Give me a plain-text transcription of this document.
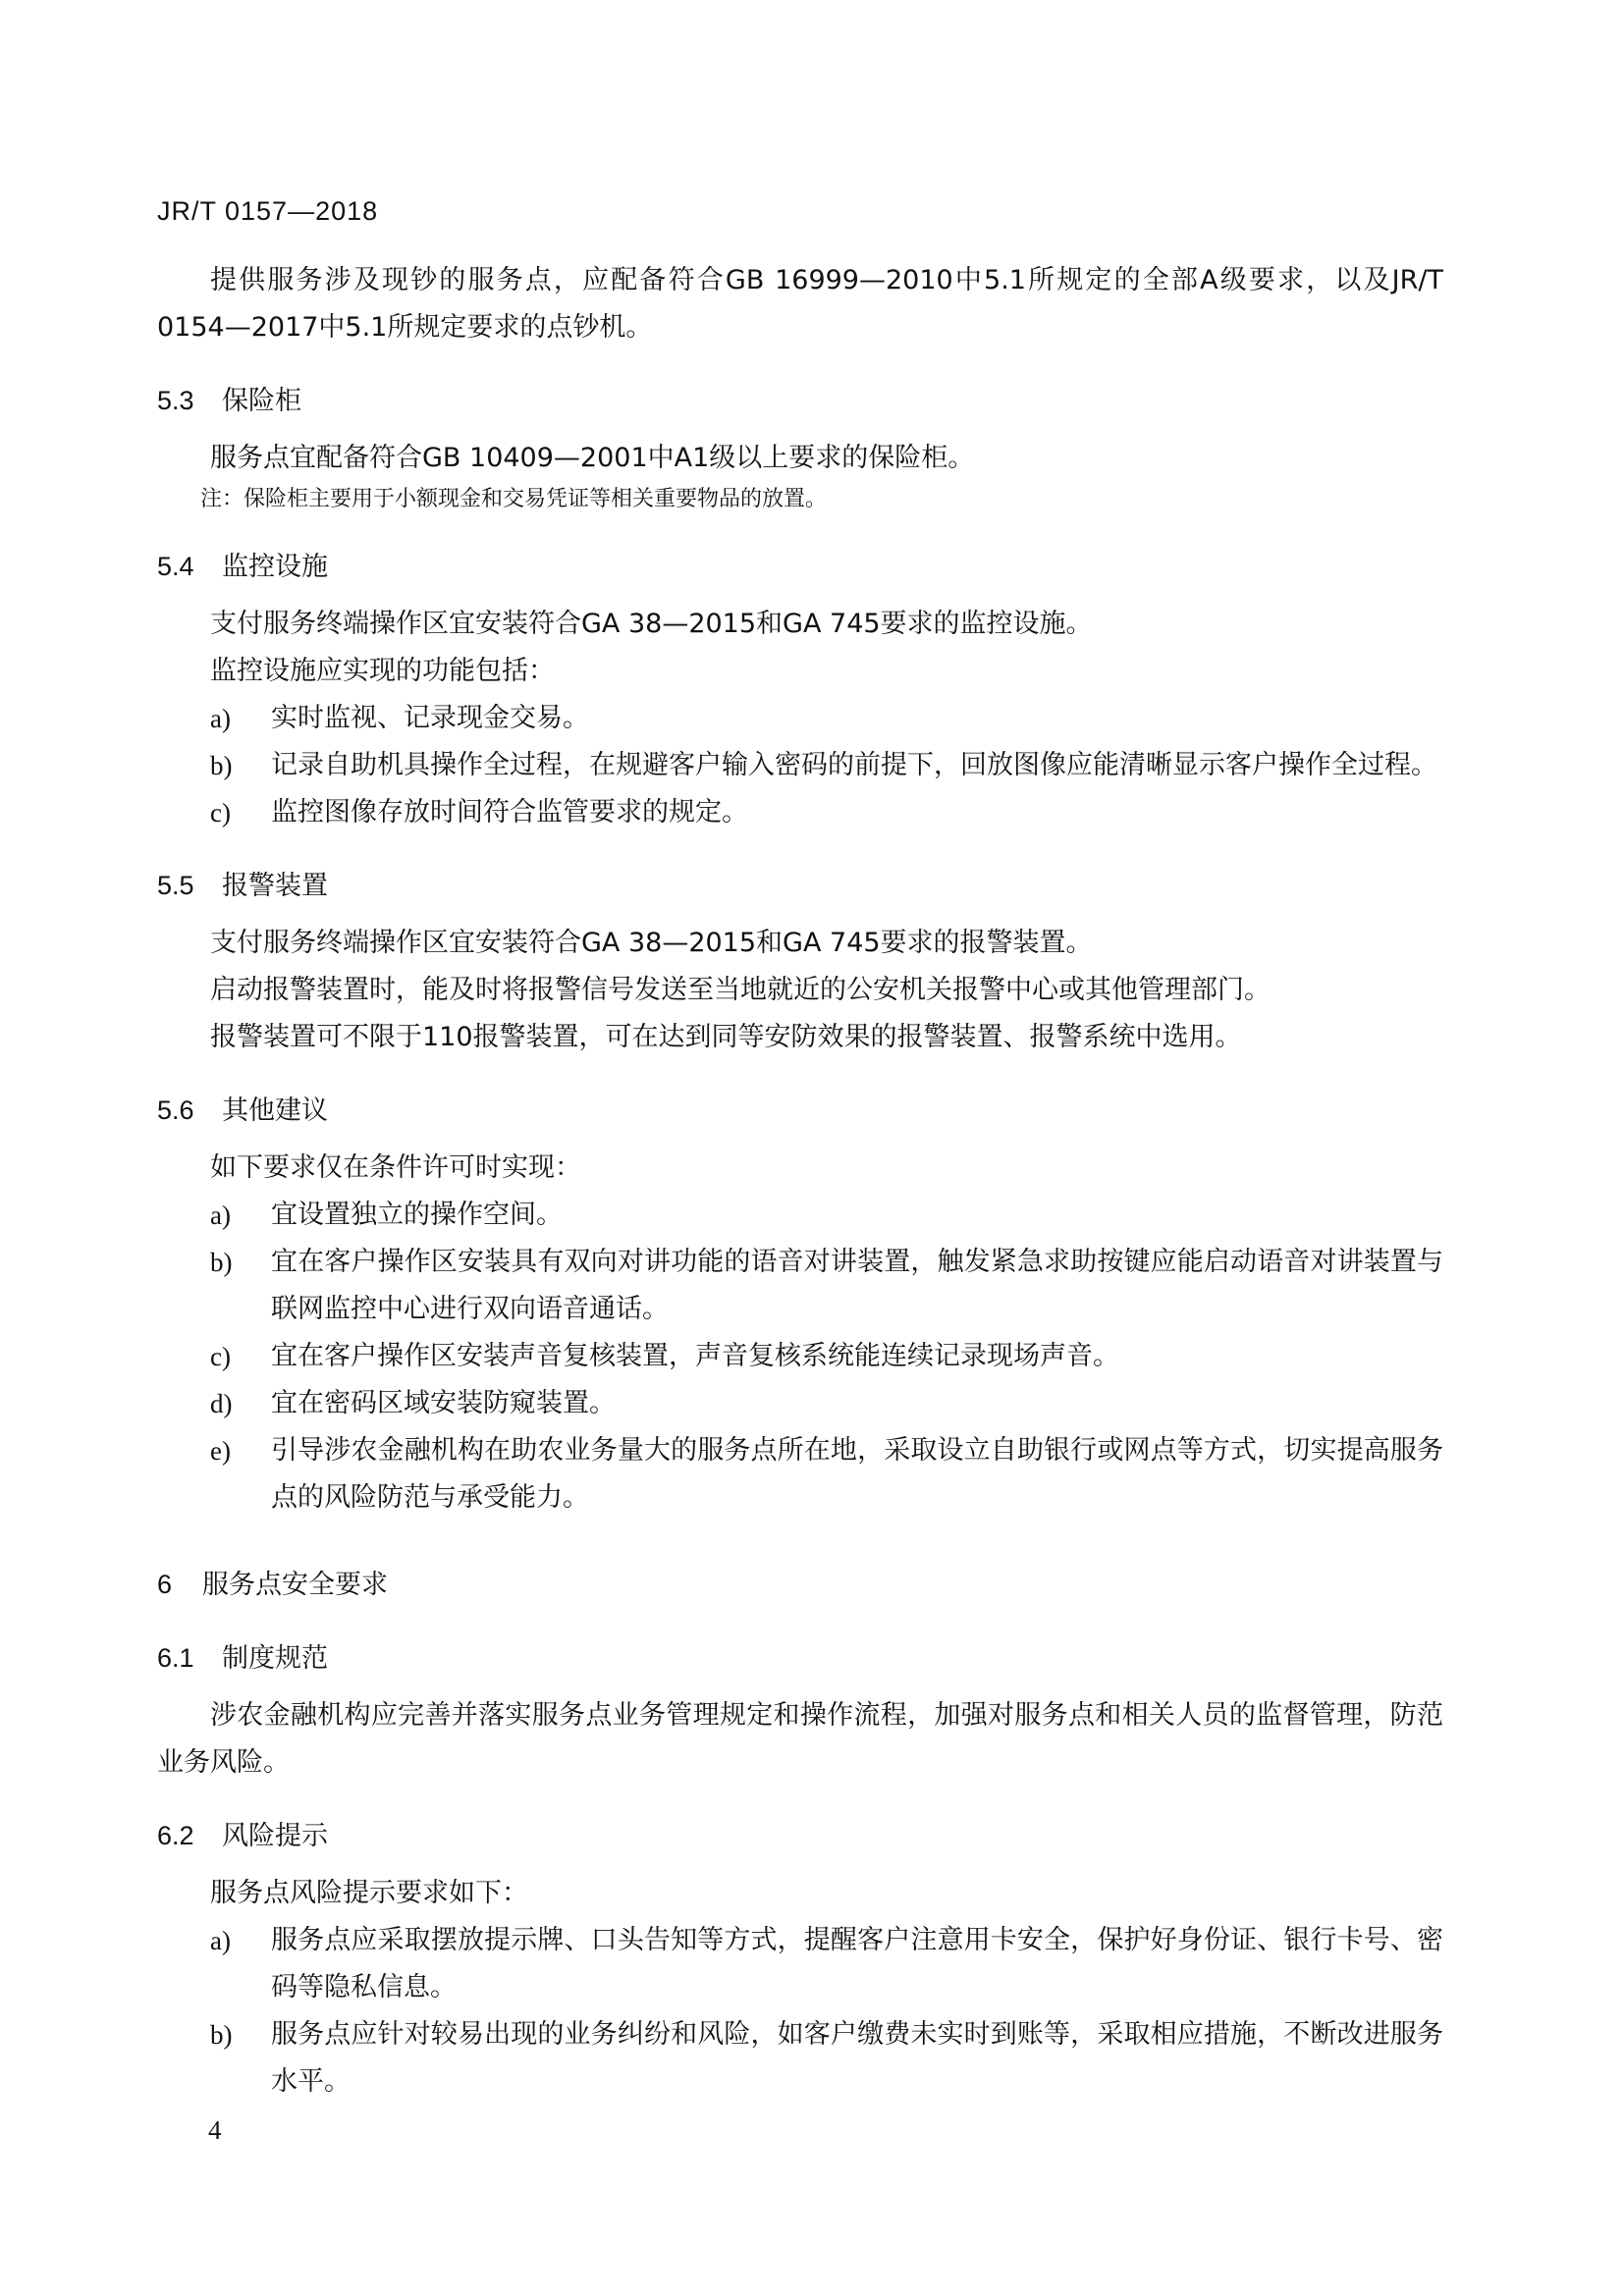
JR/T 0157—2018

提供服务涉及现钞的服务点，应配备符合GB 16999—2010中5.1所规定的全部A级要求，以及JR/T 0154—2017中5.1所规定要求的点钞机。

5.3 保险柜

服务点宜配备符合GB 10409—2001中A1级以上要求的保险柜。

注：保险柜主要用于小额现金和交易凭证等相关重要物品的放置。
5.4 监控设施

支付服务终端操作区宜安装符合GA 38—2015和GA 745要求的监控设施。

监控设施应实现的功能包括：

a) 实时监视、记录现金交易。
b) 记录自助机具操作全过程，在规避客户输入密码的前提下，回放图像应能清晰显示客户操作全过程。
c) 监控图像存放时间符合监管要求的规定。
5.5 报警装置

支付服务终端操作区宜安装符合GA 38—2015和GA 745要求的报警装置。

启动报警装置时，能及时将报警信号发送至当地就近的公安机关报警中心或其他管理部门。

报警装置可不限于110报警装置，可在达到同等安防效果的报警装置、报警系统中选用。

5.6 其他建议

如下要求仅在条件许可时实现：

a) 宜设置独立的操作空间。
b) 宜在客户操作区安装具有双向对讲功能的语音对讲装置，触发紧急求助按键应能启动语音对讲装置与联网监控中心进行双向语音通话。
c) 宜在客户操作区安装声音复核装置，声音复核系统能连续记录现场声音。
d) 宜在密码区域安装防窥装置。
e) 引导涉农金融机构在助农业务量大的服务点所在地，采取设立自助银行或网点等方式，切实提高服务点的风险防范与承受能力。
6 服务点安全要求
6.1 制度规范

涉农金融机构应完善并落实服务点业务管理规定和操作流程，加强对服务点和相关人员的监督管理，防范业务风险。

6.2 风险提示

服务点风险提示要求如下：

a) 服务点应采取摆放提示牌、口头告知等方式，提醒客户注意用卡安全，保护好身份证、银行卡号、密码等隐私信息。
b) 服务点应针对较易出现的业务纠纷和风险，如客户缴费未实时到账等，采取相应措施，不断改进服务水平。
4
